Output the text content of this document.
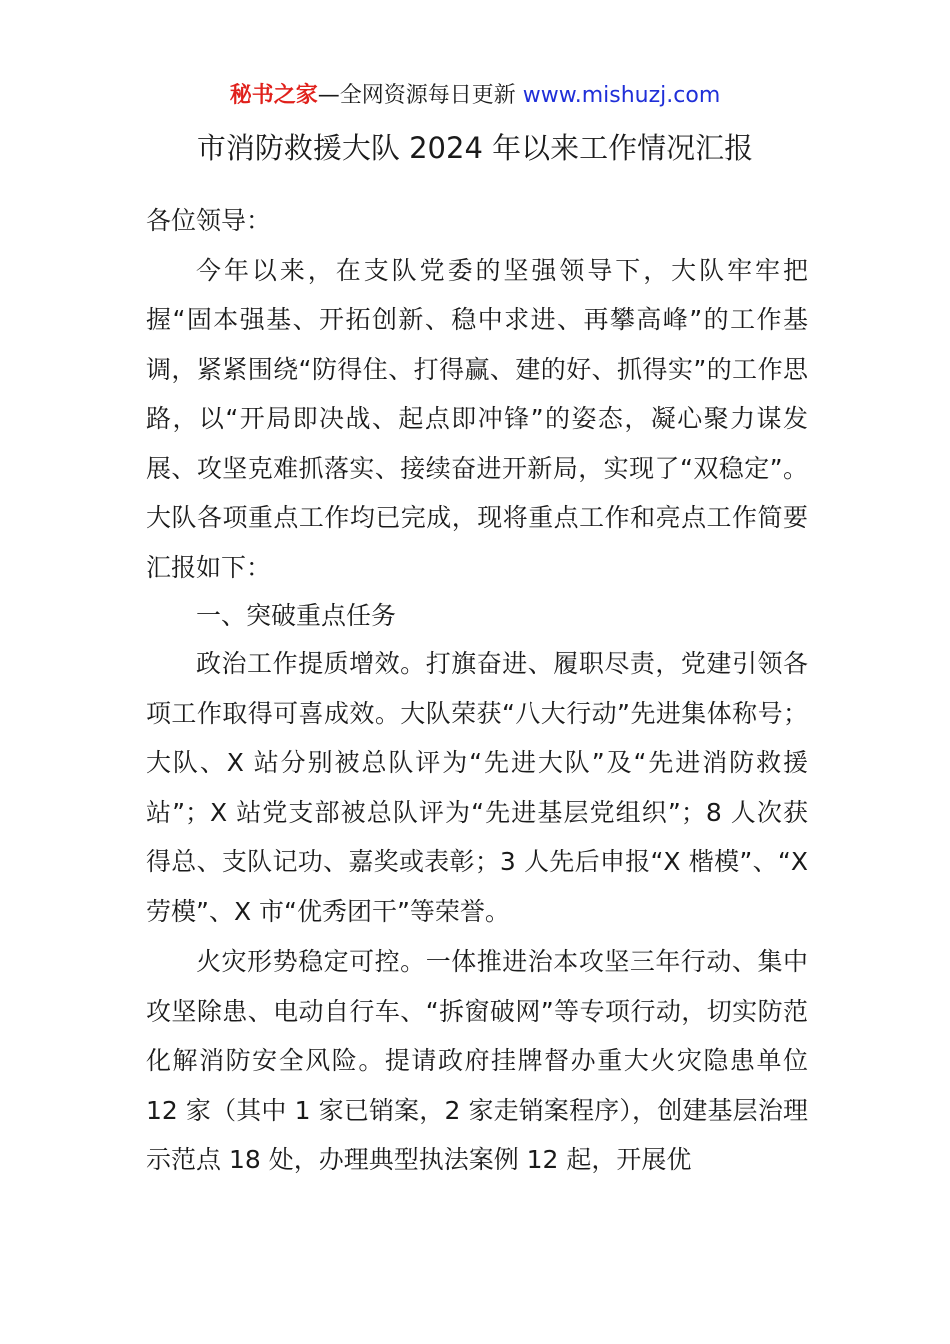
秘书之家—全网资源每日更新 www.mishuzj.com
市消防救援大队 2024 年以来工作情况汇报

各位领导：

今年以来，在支队党委的坚强领导下，大队牢牢把握“固本强基、开拓创新、稳中求进、再攀高峰”的工作基调，紧紧围绕“防得住、打得赢、建的好、抓得实”的工作思路，以“开局即决战、起点即冲锋”的姿态，凝心聚力谋发展、攻坚克难抓落实、接续奋进开新局，实现了“双稳定”。大队各项重点工作均已完成，现将重点工作和亮点工作简要汇报如下：

一、突破重点任务

政治工作提质增效。打旗奋进、履职尽责，党建引领各项工作取得可喜成效。大队荣获“八大行动”先进集体称号；大队、X 站分别被总队评为“先进大队”及“先进消防救援站”；X 站党支部被总队评为“先进基层党组织”；8 人次获得总、支队记功、嘉奖或表彰；3 人先后申报“X 楷模”、“X 劳模”、X 市“优秀团干”等荣誉。

火灾形势稳定可控。一体推进治本攻坚三年行动、集中攻坚除患、电动自行车、“拆窗破网”等专项行动，切实防范化解消防安全风险。提请政府挂牌督办重大火灾隐患单位 12 家（其中 1 家已销案，2 家走销案程序），创建基层治理示范点 18 处，办理典型执法案例 12 起，开展优
